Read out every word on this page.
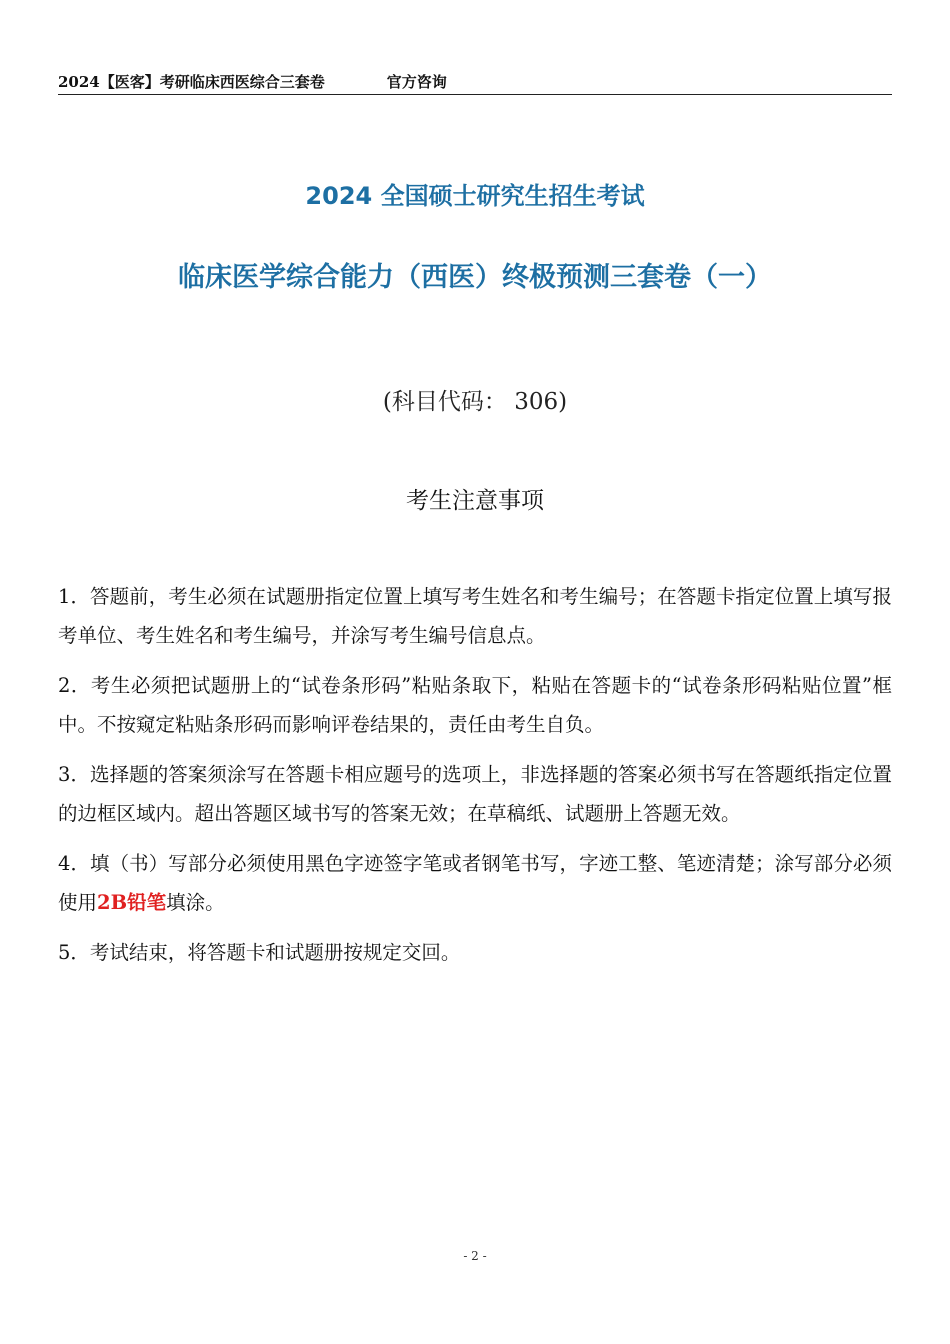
2024【医客】考研临床西医综合三套卷	官方咨询
2024 全国硕士研究生招生考试
临床医学综合能力（西医）终极预测三套卷（一）
(科目代码： 306)
考生注意事项

1．答题前，考生必须在试题册指定位置上填写考生姓名和考生编号；在答题卡指定位置上填写报考单位、考生姓名和考生编号，并涂写考生编号信息点。

2．考生必须把试题册上的“试卷条形码”粘贴条取下，粘贴在答题卡的“试卷条形码粘贴位置”框中。不按窥定粘贴条形码而影响评卷结果的，责任由考生自负。

3．选择题的答案须涂写在答题卡相应题号的选项上，非选择题的答案必须书写在答题纸指定位置的边框区域内。超出答题区域书写的答案无效；在草稿纸、试题册上答题无效。

4．填（书）写部分必须使用黑色字迹签字笔或者钢笔书写，字迹工整、笔迹清楚；涂写部分必须使用2B铅笔填涂。

5．考试结束，将答题卡和试题册按规定交回。

- 2 -
